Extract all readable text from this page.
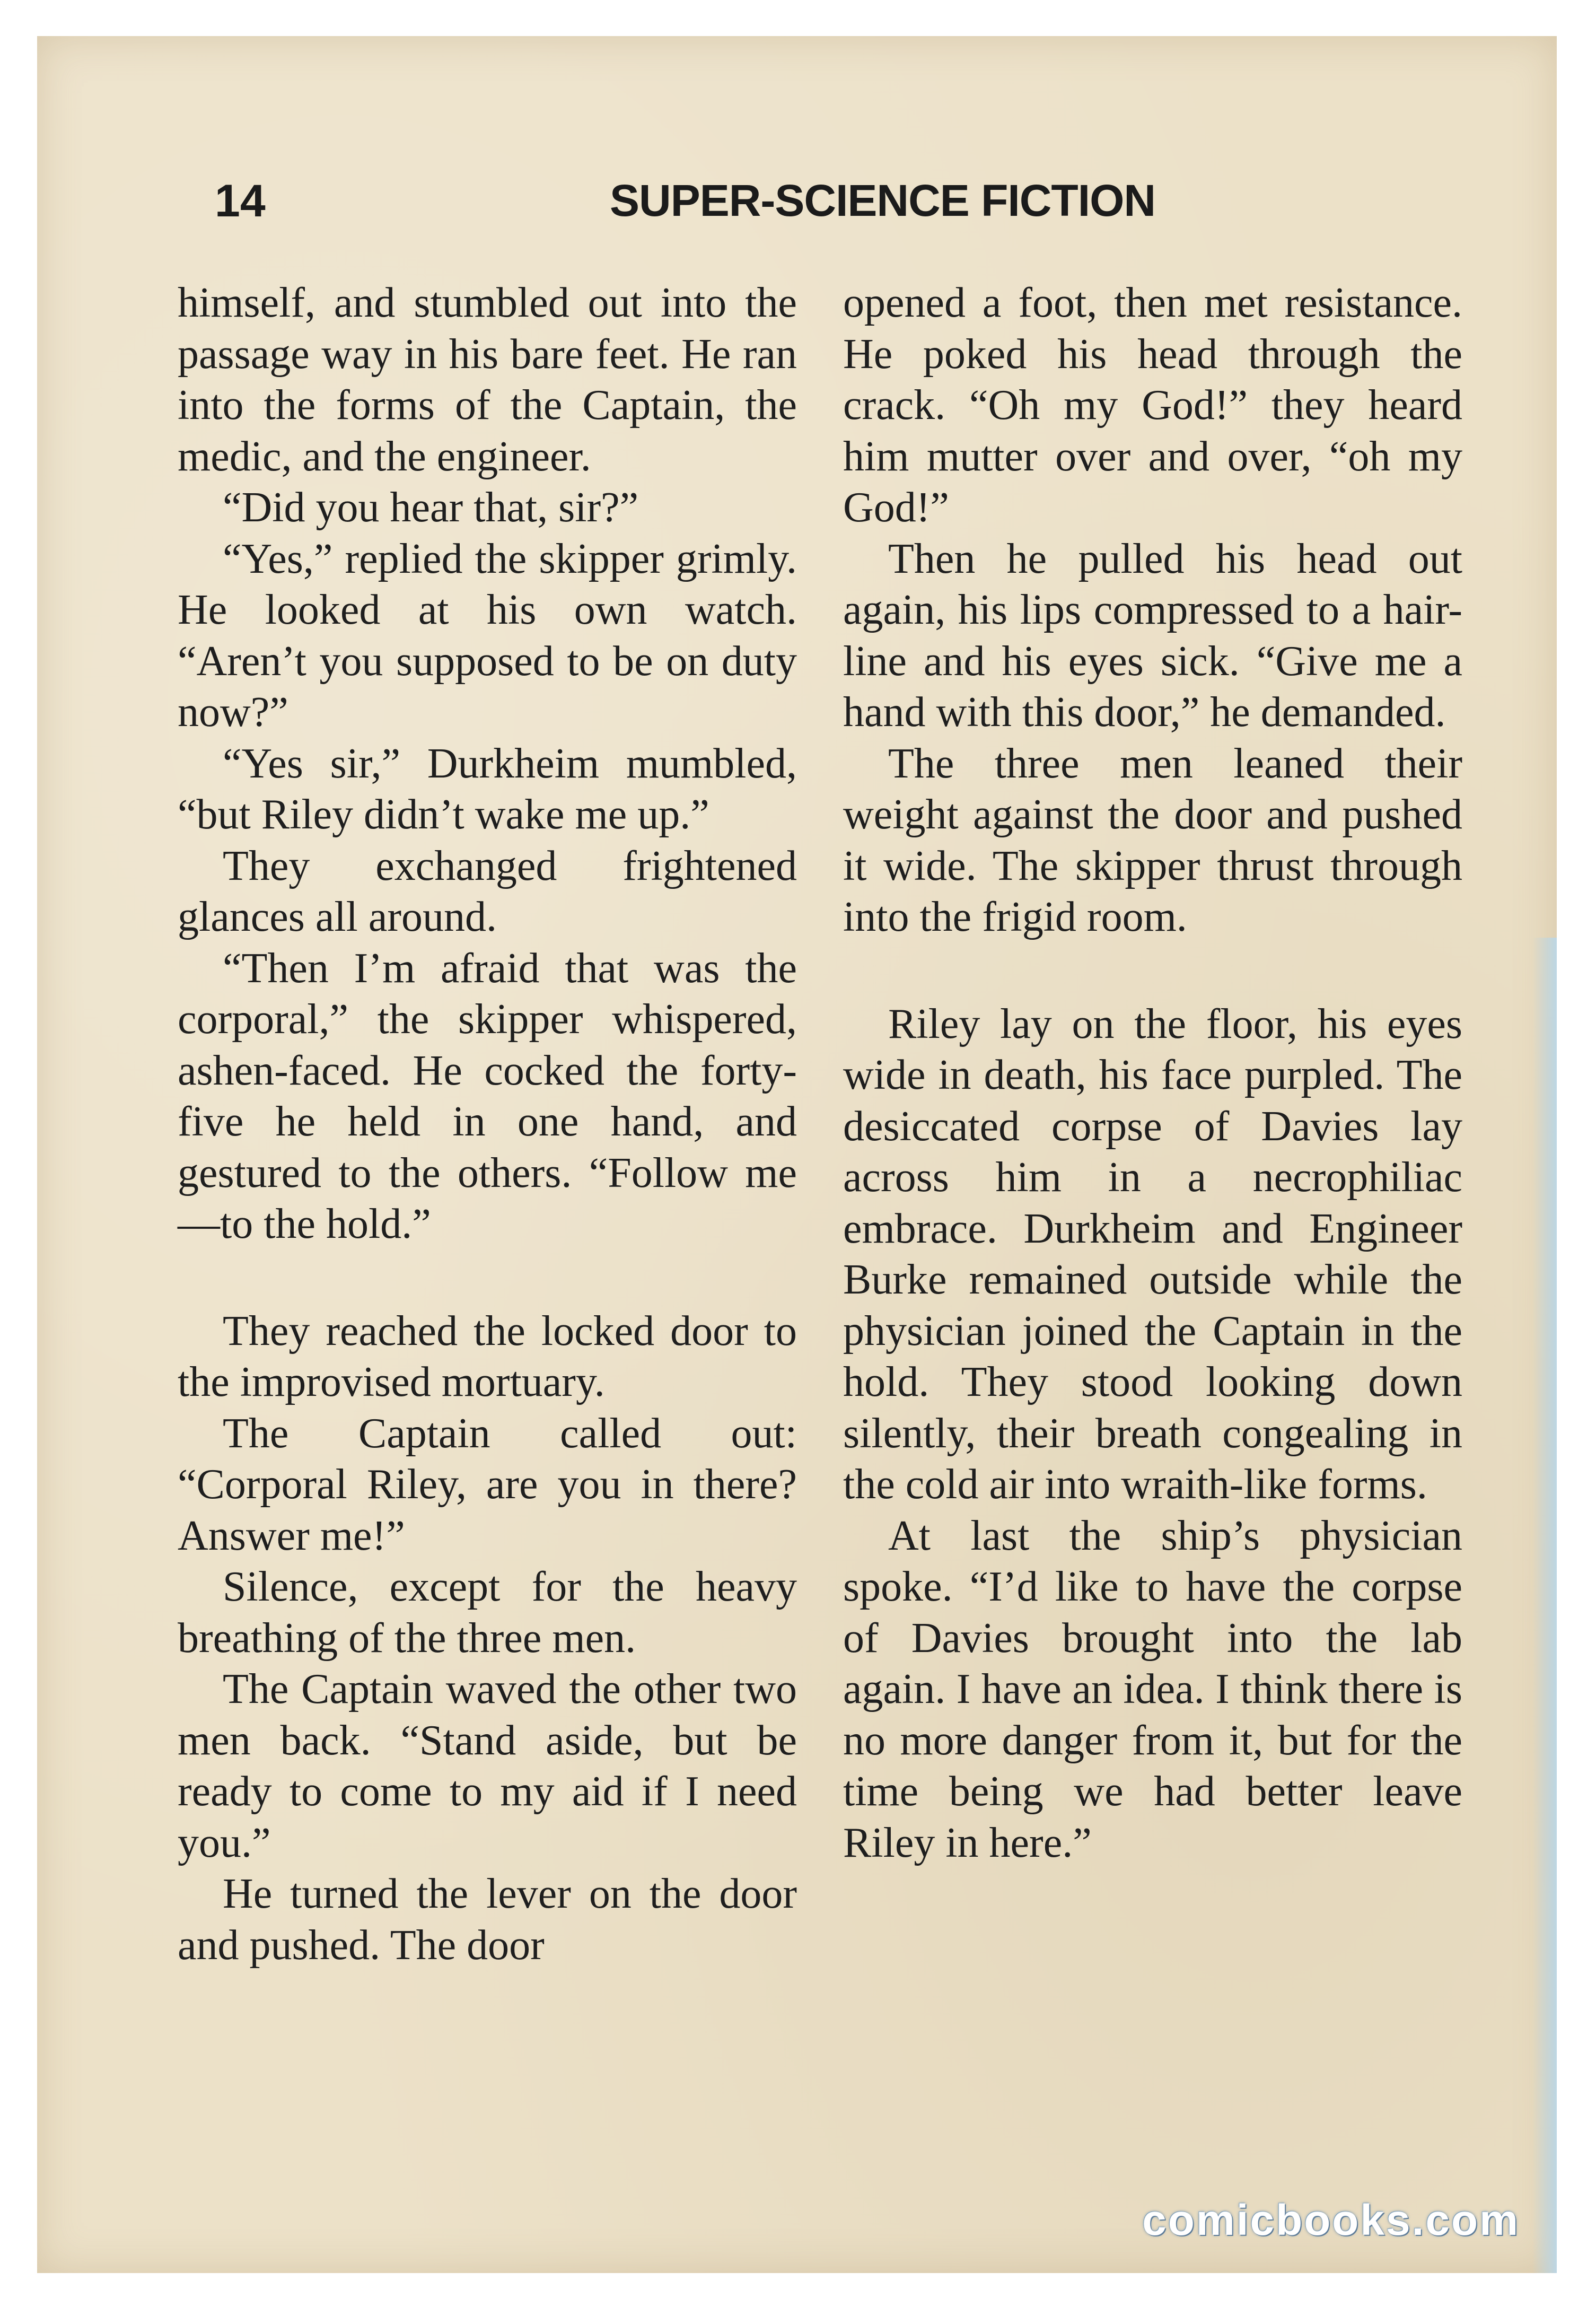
14	SUPER-SCIENCE FICTION

himself, and stumbled out into the passage way in his bare feet. He ran into the forms of the Captain, the medic, and the engineer.

“Did you hear that, sir?”

“Yes,” replied the skipper grimly. He looked at his own watch. “Aren’t you supposed to be on duty now?”

“Yes sir,” Durkheim mumbled, “but Riley didn’t wake me up.”

They exchanged frightened glances all around.

“Then I’m afraid that was the corporal,” the skipper whispered, ashen-faced. He cocked the forty-five he held in one hand, and gestured to the others. “Follow me—to the hold.”

They reached the locked door to the improvised mortuary.

The Captain called out: “Corporal Riley, are you in there? Answer me!”

Silence, except for the heavy breathing of the three men.

The Captain waved the other two men back. “Stand aside, but be ready to come to my aid if I need you.”

He turned the lever on the door and pushed. The door

opened a foot, then met resistance. He poked his head through the crack. “Oh my God!” they heard him mutter over and over, “oh my God!”

Then he pulled his head out again, his lips compressed to a hair-line and his eyes sick. “Give me a hand with this door,” he demanded.

The three men leaned their weight against the door and pushed it wide. The skipper thrust through into the frigid room.

Riley lay on the floor, his eyes wide in death, his face purpled. The desiccated corpse of Davies lay across him in a necrophiliac embrace. Durkheim and Engineer Burke remained outside while the physician joined the Captain in the hold. They stood looking down silently, their breath congealing in the cold air into wraith-like forms.

At last the ship’s physician spoke. “I’d like to have the corpse of Davies brought into the lab again. I have an idea. I think there is no more danger from it, but for the time being we had better leave Riley in here.”

comicbooks.com
